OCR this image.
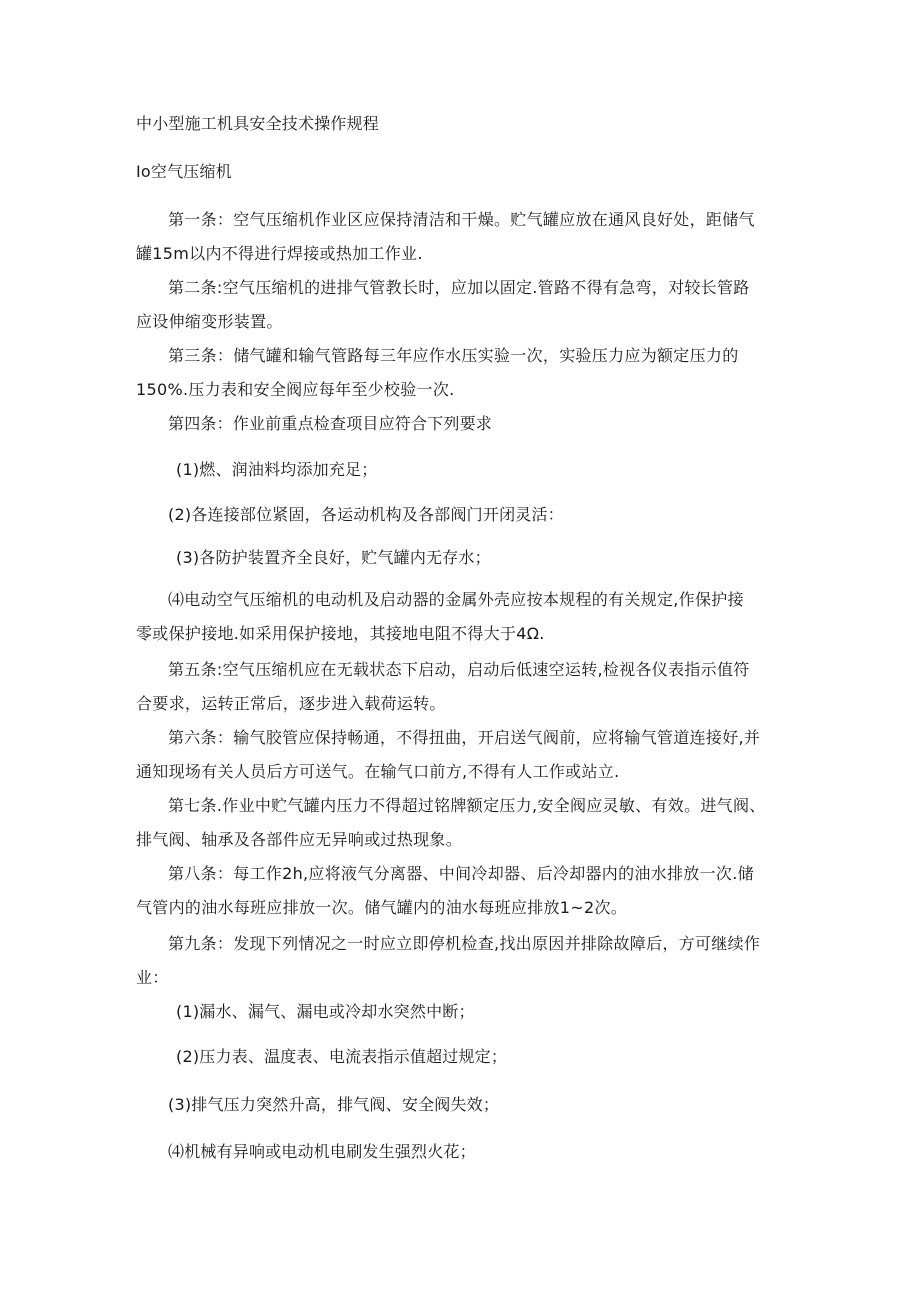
中小型施工机具安全技术操作规程

Io空气压缩机

第一条：空气压缩机作业区应保持清洁和干燥。贮气罐应放在通风良好处，距储气
罐15m以内不得进行焊接或热加工作业.
第二条:空气压缩机的进排气管教长时，应加以固定.管路不得有急弯，对较长管路
应设伸缩变形装置。
第三条：储气罐和输气管路每三年应作水压实验一次，实验压力应为额定压力的
150%.压力表和安全阀应每年至少校验一次.

第四条：作业前重点检查项目应符合下列要求

(1)燃、润油料均添加充足；

(2)各连接部位紧固，各运动机构及各部阀门开闭灵活：

(3)各防护装置齐全良好，贮气罐内无存水；

⑷电动空气压缩机的电动机及启动器的金属外壳应按本规程的有关规定,作保护接
零或保护接地.如采用保护接地，其接地电阻不得大于4Ω.
第五条:空气压缩机应在无载状态下启动，启动后低速空运转,检视各仪表指示值符
合要求，运转正常后，逐步进入载荷运转。
第六条：输气胶管应保持畅通，不得扭曲，开启送气阀前，应将输气管道连接好,并
通知现场有关人员后方可送气。在输气口前方,不得有人工作或站立.
第七条.作业中贮气罐内压力不得超过铭牌额定压力,安全阀应灵敏、有效。进气阀、
排气阀、轴承及各部件应无异响或过热现象。
第八条：每工作2h,应将液气分离器、中间冷却器、后冷却器内的油水排放一次.储
气管内的油水每班应排放一次。储气罐内的油水每班应排放1~2次。
第九条：发现下列情况之一时应立即停机检查,找出原因并排除故障后，方可继续作
业：

(1)漏水、漏气、漏电或冷却水突然中断；

(2)压力表、温度表、电流表指示值超过规定；

(3)排气压力突然升高，排气阀、安全阀失效；

⑷机械有异响或电动机电刷发生强烈火花；
